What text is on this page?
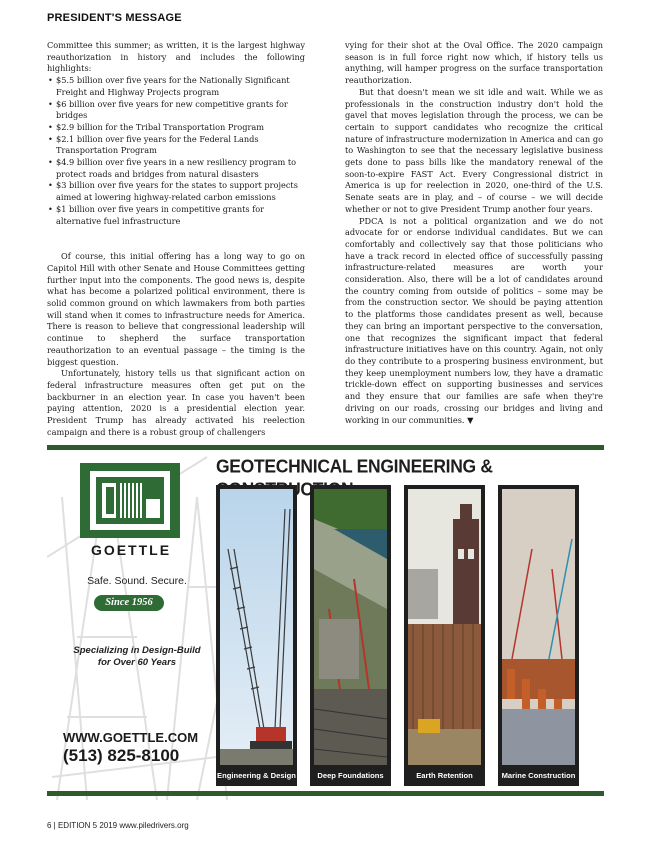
PRESIDENT'S MESSAGE

Committee this summer; as written, it is the largest highway reauthorization in history and includes the following highlights:

• $5.5 billion over five years for the Nationally Significant Freight and Highway Projects program
• $6 billion over five years for new competitive grants for bridges
• $2.9 billion for the Tribal Transportation Program
• $2.1 billion over five years for the Federal Lands Transportation Program
• $4.9 billion over five years in a new resiliency program to protect roads and bridges from natural disasters
• $3 billion over five years for the states to support projects aimed at lowering highway-related carbon emissions
• $1 billion over five years in competitive grants for alternative fuel infrastructure

Of course, this initial offering has a long way to go on Capitol Hill with other Senate and House Committees getting further input into the components. The good news is, despite what has become a polarized political environment, there is solid common ground on which lawmakers from both parties will stand when it comes to infrastructure needs for America. There is reason to believe that congressional leadership will continue to shepherd the surface transportation reauthorization to an eventual passage – the timing is the biggest question.

Unfortunately, history tells us that significant action on federal infrastructure measures often get put on the backburner in an election year. In case you haven't been paying attention, 2020 is a presidential election year. President Trump has already activated his reelection campaign and there is a robust group of challengers

vying for their shot at the Oval Office. The 2020 campaign season is in full force right now which, if history tells us anything, will hamper progress on the surface transportation reauthorization.

But that doesn't mean we sit idle and wait. While we as professionals in the construction industry don't hold the gavel that moves legislation through the process, we can be certain to support candidates who recognize the critical nature of infrastructure modernization in America and can go to Washington to see that the necessary legislative business gets done to pass bills like the mandatory renewal of the soon-to-expire FAST Act. Every Congressional district in America is up for reelection in 2020, one-third of the U.S. Senate seats are in play, and – of course – we will decide whether or not to give President Trump another four years.

PDCA is not a political organization and we do not advocate for or endorse individual candidates. But we can comfortably and collectively say that those politicians who have a track record in elected office of successfully passing infrastructure-related measures are worth your consideration. Also, there will be a lot of candidates around the country coming from outside of politics – some may be from the construction sector. We should be paying attention to the platforms those candidates present as well, because they can bring an important perspective to the conversation, one that recognizes the significant impact that federal infrastructure initiatives have on this country. Again, not only do they contribute to a prospering business environment, but they keep unemployment numbers low, they have a dramatic trickle-down effect on supporting businesses and services and they ensure that our families are safe when they're driving on our roads, crossing our bridges and living and working in our communities. ▼

GOETTLE
Safe. Sound. Secure.
Since 1956
Specializing in Design-Build
for Over 60 Years
WWW.GOETTLE.COM
(513) 825-8100
GEOTECHNICAL ENGINEERING &
Engineering & Design	Deep Foundations	Earth Retention	Marine Construction
6 | EDITION 5 2019 www.piledrivers.org
